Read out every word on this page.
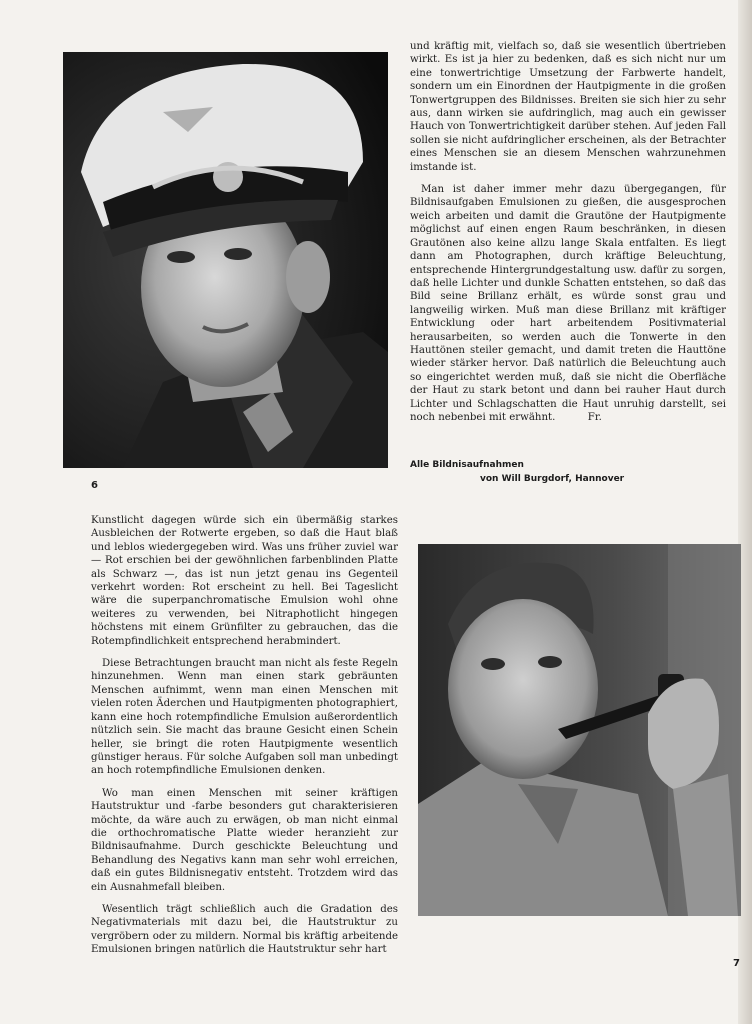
6

und kräftig mit, vielfach so, daß sie wesentlich übertrieben wirkt. Es ist ja hier zu bedenken, daß es sich nicht nur um eine tonwertrichtige Umsetzung der Farbwerte handelt, sondern um ein Einordnen der Hautpigmente in die großen Tonwertgruppen des Bildnisses. Breiten sie sich hier zu sehr aus, dann wirken sie aufdringlich, mag auch ein gewisser Hauch von Tonwertrichtigkeit darüber stehen. Auf jeden Fall sollen sie nicht aufdringlicher erscheinen, als der Betrachter eines Menschen sie an diesem Menschen wahrzunehmen imstande ist.

Man ist daher immer mehr dazu übergegangen, für Bildnisaufgaben Emulsionen zu gießen, die ausgesprochen weich arbeiten und damit die Grautöne der Hautpigmente möglichst auf einen engen Raum beschränken, in diesen Grautönen also keine allzu lange Skala entfalten. Es liegt dann am Photographen, durch kräftige Beleuchtung, entsprechende Hintergrundgestaltung usw. dafür zu sorgen, daß helle Lichter und dunkle Schatten entstehen, so daß das Bild seine Brillanz erhält, es würde sonst grau und langweilig wirken. Muß man diese Brillanz mit kräftiger Entwicklung oder hart arbeitendem Positivmaterial herausarbeiten, so werden auch die Tonwerte in den Hauttönen steiler gemacht, und damit treten die Hauttöne wieder stärker hervor. Daß natürlich die Beleuchtung auch so eingerichtet werden muß, daß sie nicht die Oberfläche der Haut zu stark betont und dann bei rauher Haut durch Lichter und Schlagschatten die Haut unruhig darstellt, sei noch nebenbei mit erwähnt.	Fr.

Alle Bildnisaufnahmen
von Will Burgdorf, Hannover

Kunstlicht dagegen würde sich ein übermäßig starkes Ausbleichen der Rotwerte ergeben, so daß die Haut blaß und leblos wiedergegeben wird. Was uns früher zuviel war — Rot erschien bei der gewöhnlichen farbenblinden Platte als Schwarz —, das ist nun jetzt genau ins Gegenteil verkehrt worden: Rot erscheint zu hell. Bei Tageslicht wäre die superpanchromatische Emulsion wohl ohne weiteres zu verwenden, bei Nitraphotlicht hingegen höchstens mit einem Grünfilter zu gebrauchen, das die Rotempfindlichkeit entsprechend herabmindert.

Diese Betrachtungen braucht man nicht als feste Regeln hinzunehmen. Wenn man einen stark gebräunten Menschen aufnimmt, wenn man einen Menschen mit vielen roten Äderchen und Hautpigmenten photographiert, kann eine hoch rotempfindliche Emulsion außerordentlich nützlich sein. Sie macht das braune Gesicht einen Schein heller, sie bringt die roten Hautpigmente wesentlich günstiger heraus. Für solche Aufgaben soll man unbedingt an hoch rotempfindliche Emulsionen denken.

Wo man einen Menschen mit seiner kräftigen Hautstruktur und -farbe besonders gut charakterisieren möchte, da wäre auch zu erwägen, ob man nicht einmal die orthochromatische Platte wieder heranzieht zur Bildnisaufnahme. Durch geschickte Beleuchtung und Behandlung des Negativs kann man sehr wohl erreichen, daß ein gutes Bildnisnegativ entsteht. Trotzdem wird das ein Ausnahmefall bleiben.

Wesentlich trägt schließlich auch die Gradation des Negativmaterials mit dazu bei, die Hautstruktur zu vergröbern oder zu mildern. Normal bis kräftig arbeitende Emulsionen bringen natürlich die Hautstruktur sehr hart

7
